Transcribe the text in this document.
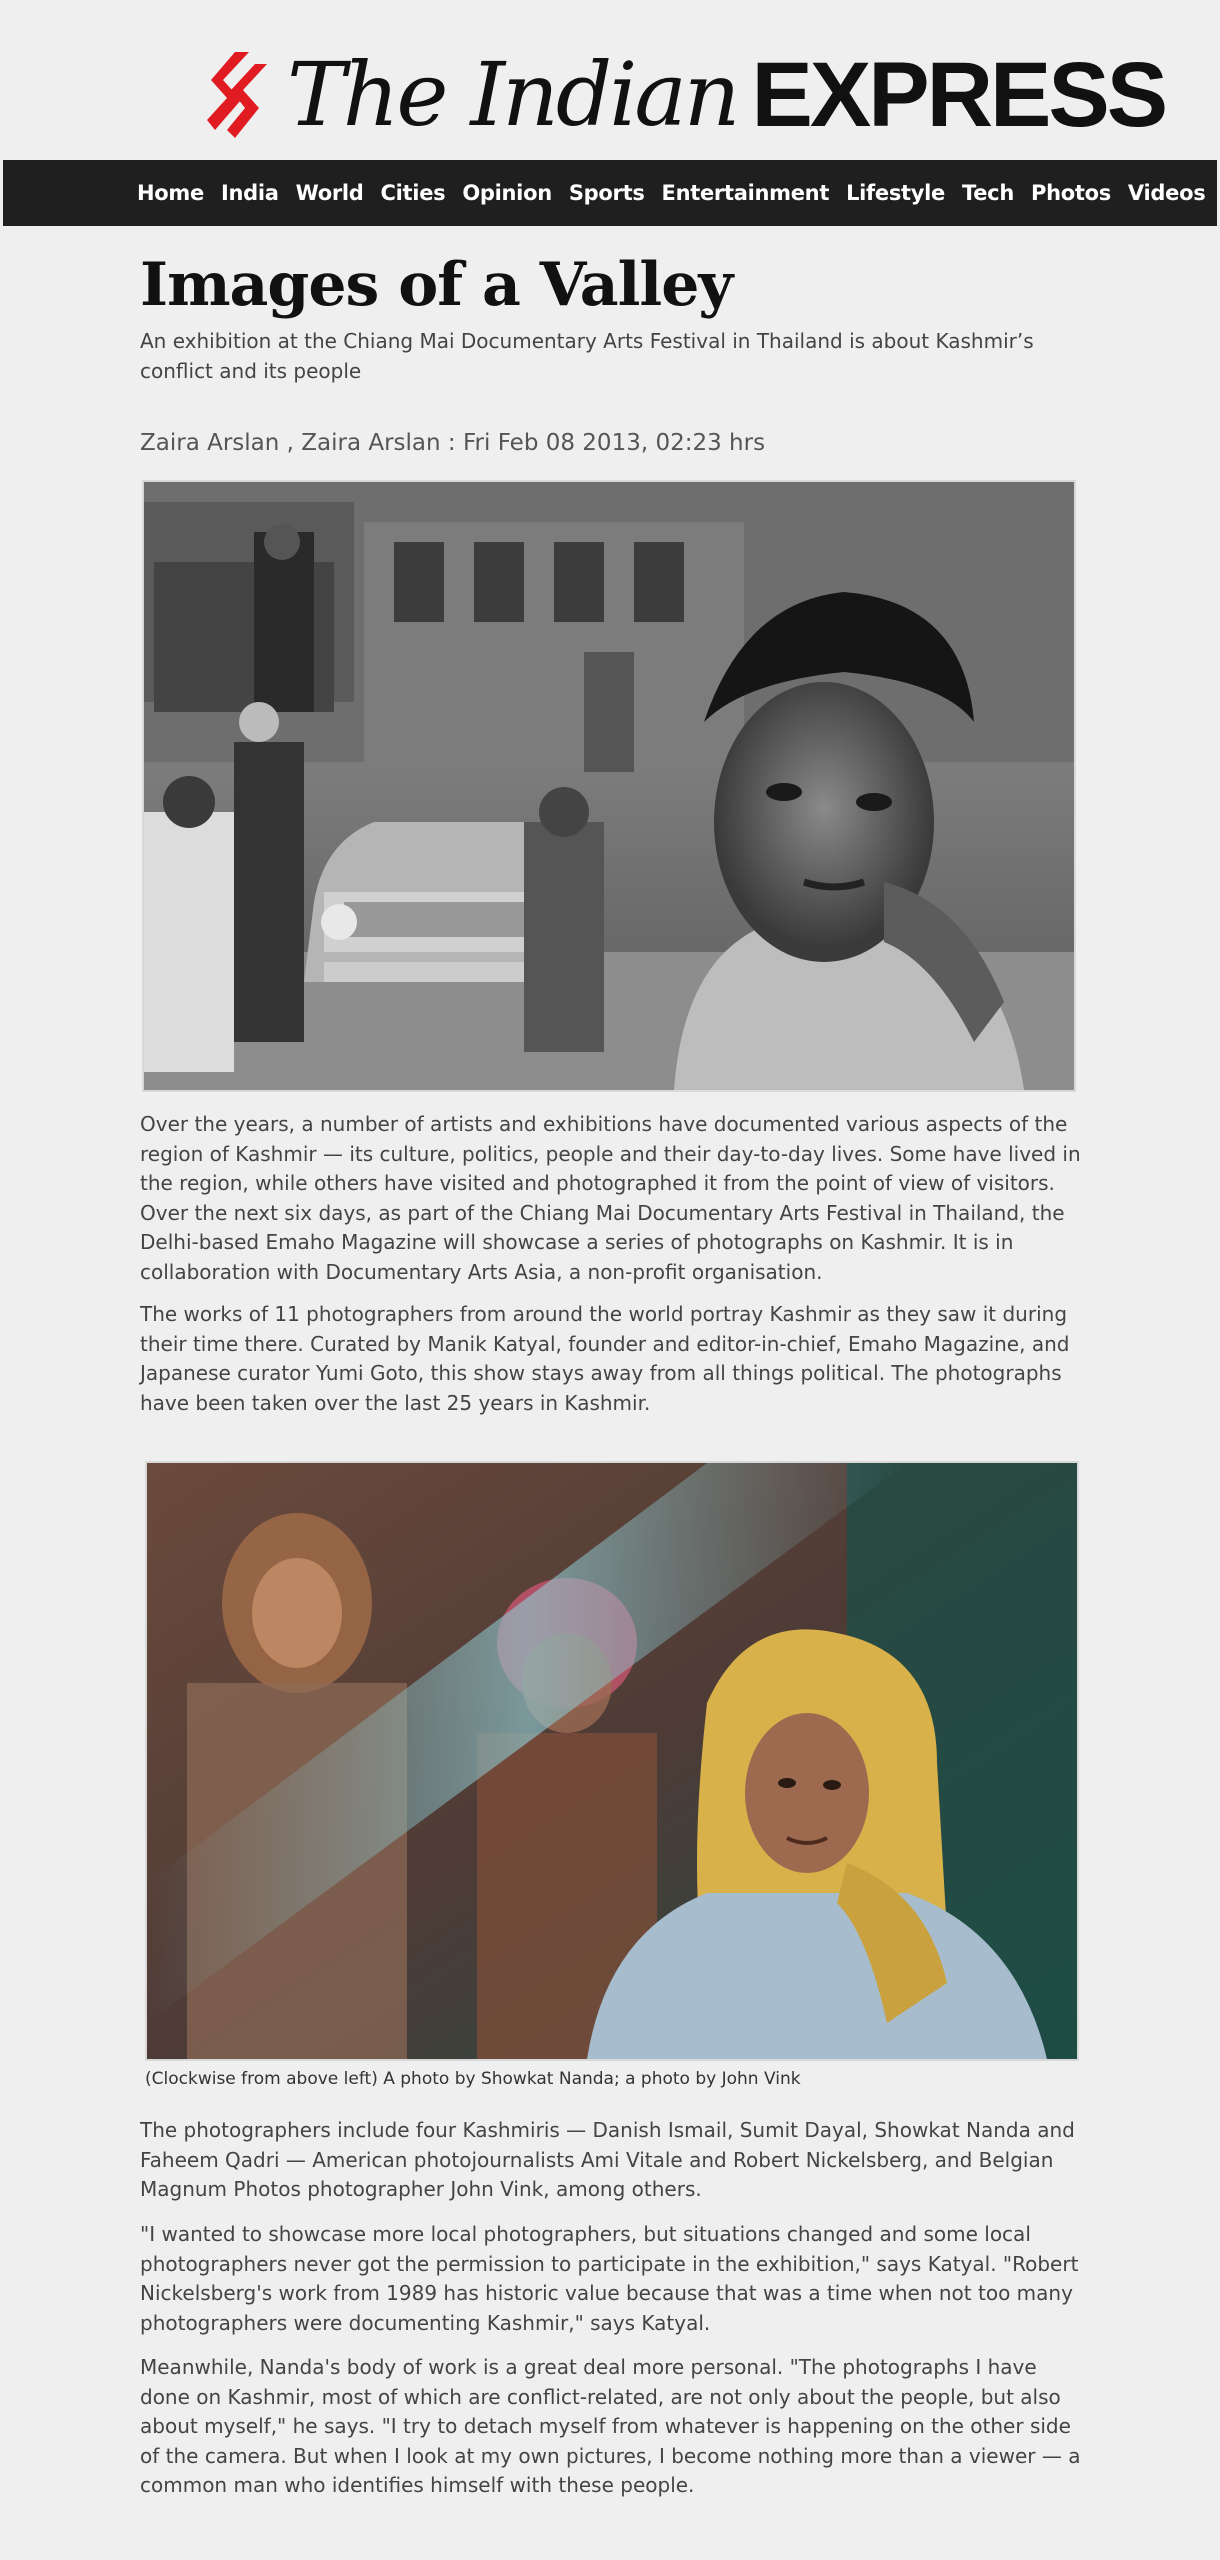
The Indian EXPRESS
Home India World Cities Opinion Sports Entertainment Lifestyle Tech Photos Videos
Images of a Valley

An exhibition at the Chiang Mai Documentary Arts Festival in Thailand is about Kashmir’s conflict and its people

Zaira Arslan , Zaira Arslan : Fri Feb 08 2013, 02:23 hrs

Over the years, a number of artists and exhibitions have documented various aspects of the region of Kashmir — its culture, politics, people and their day-to-day lives. Some have lived in the region, while others have visited and photographed it from the point of view of visitors. Over the next six days, as part of the Chiang Mai Documentary Arts Festival in Thailand, the Delhi-based Emaho Magazine will showcase a series of photographs on Kashmir. It is in collaboration with Documentary Arts Asia, a non-profit organisation.

The works of 11 photographers from around the world portray Kashmir as they saw it during their time there. Curated by Manik Katyal, founder and editor-in-chief, Emaho Magazine, and Japanese curator Yumi Goto, this show stays away from all things political. The photographs have been taken over the last 25 years in Kashmir.

(Clockwise from above left) A photo by Showkat Nanda; a photo by John Vink

The photographers include four Kashmiris — Danish Ismail, Sumit Dayal, Showkat Nanda and Faheem Qadri — American photojournalists Ami Vitale and Robert Nickelsberg, and Belgian Magnum Photos photographer John Vink, among others.

"I wanted to showcase more local photographers, but situations changed and some local photographers never got the permission to participate in the exhibition," says Katyal. "Robert Nickelsberg's work from 1989 has historic value because that was a time when not too many photographers were documenting Kashmir," says Katyal.

Meanwhile, Nanda's body of work is a great deal more personal. "The photographs I have done on Kashmir, most of which are conflict-related, are not only about the people, but also about myself," he says. "I try to detach myself from whatever is happening on the other side of the camera. But when I look at my own pictures, I become nothing more than a viewer — a common man who identifies himself with these people.
